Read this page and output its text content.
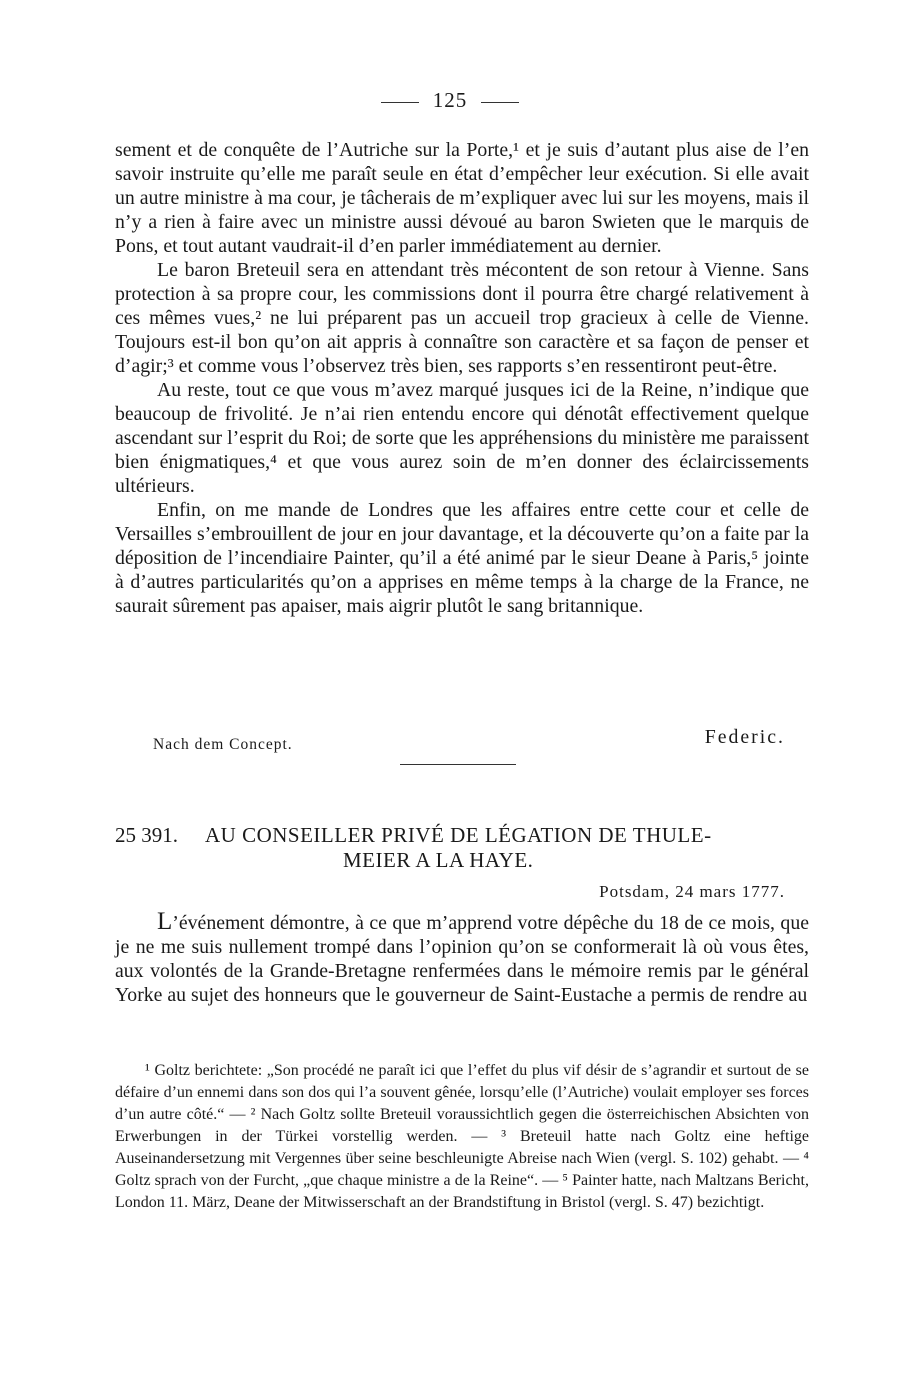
125

sement et de conquête de l’Autriche sur la Porte,¹ et je suis d’autant plus aise de l’en savoir instruite qu’elle me paraît seule en état d’empêcher leur exécution. Si elle avait un autre ministre à ma cour, je tâcherais de m’expliquer avec lui sur les moyens, mais il n’y a rien à faire avec un ministre aussi dévoué au baron Swieten que le marquis de Pons, et tout autant vaudrait-il d’en parler immédiatement au dernier.

Le baron Breteuil sera en attendant très mécontent de son retour à Vienne. Sans protection à sa propre cour, les commissions dont il pourra être chargé relativement à ces mêmes vues,² ne lui préparent pas un accueil trop gracieux à celle de Vienne. Toujours est-il bon qu’on ait appris à connaître son caractère et sa façon de penser et d’agir;³ et comme vous l’observez très bien, ses rapports s’en ressentiront peut-être.

Au reste, tout ce que vous m’avez marqué jusques ici de la Reine, n’indique que beaucoup de frivolité. Je n’ai rien entendu encore qui dénotât effectivement quelque ascendant sur l’esprit du Roi; de sorte que les appréhensions du ministère me paraissent bien énigmatiques,⁴ et que vous aurez soin de m’en donner des éclaircissements ultérieurs.

Enfin, on me mande de Londres que les affaires entre cette cour et celle de Versailles s’embrouillent de jour en jour davantage, et la découverte qu’on a faite par la déposition de l’incendiaire Painter, qu’il a été animé par le sieur Deane à Paris,⁵ jointe à d’autres particularités qu’on a apprises en même temps à la charge de la France, ne saurait sûrement pas apaiser, mais aigrir plutôt le sang britannique.

Nach dem Concept.	Federic.
25 391. AU CONSEILLER PRIVÉ DE LÉGATION DE THULE-
MEIER A LA HAYE.
Potsdam, 24 mars 1777.

L’événement démontre, à ce que m’apprend votre dépêche du 18 de ce mois, que je ne me suis nullement trompé dans l’opinion qu’on se conformerait là où vous êtes, aux volontés de la Grande-Bretagne renfermées dans le mémoire remis par le général Yorke au sujet des honneurs que le gouverneur de Saint-Eustache a permis de rendre au

¹ Goltz berichtete: „Son procédé ne paraît ici que l’effet du plus vif désir de s’agrandir et surtout de se défaire d’un ennemi dans son dos qui l’a souvent gênée, lorsqu’elle (l’Autriche) voulait employer ses forces d’un autre côté.“ — ² Nach Goltz sollte Breteuil voraussichtlich gegen die österreichischen Absichten von Erwerbungen in der Türkei vorstellig werden. — ³ Breteuil hatte nach Goltz eine heftige Auseinandersetzung mit Vergennes über seine beschleunigte Abreise nach Wien (vergl. S. 102) gehabt. — ⁴ Goltz sprach von der Furcht, „que chaque ministre a de la Reine“. — ⁵ Painter hatte, nach Maltzans Bericht, London 11. März, Deane der Mitwisserschaft an der Brandstiftung in Bristol (vergl. S. 47) bezichtigt.
